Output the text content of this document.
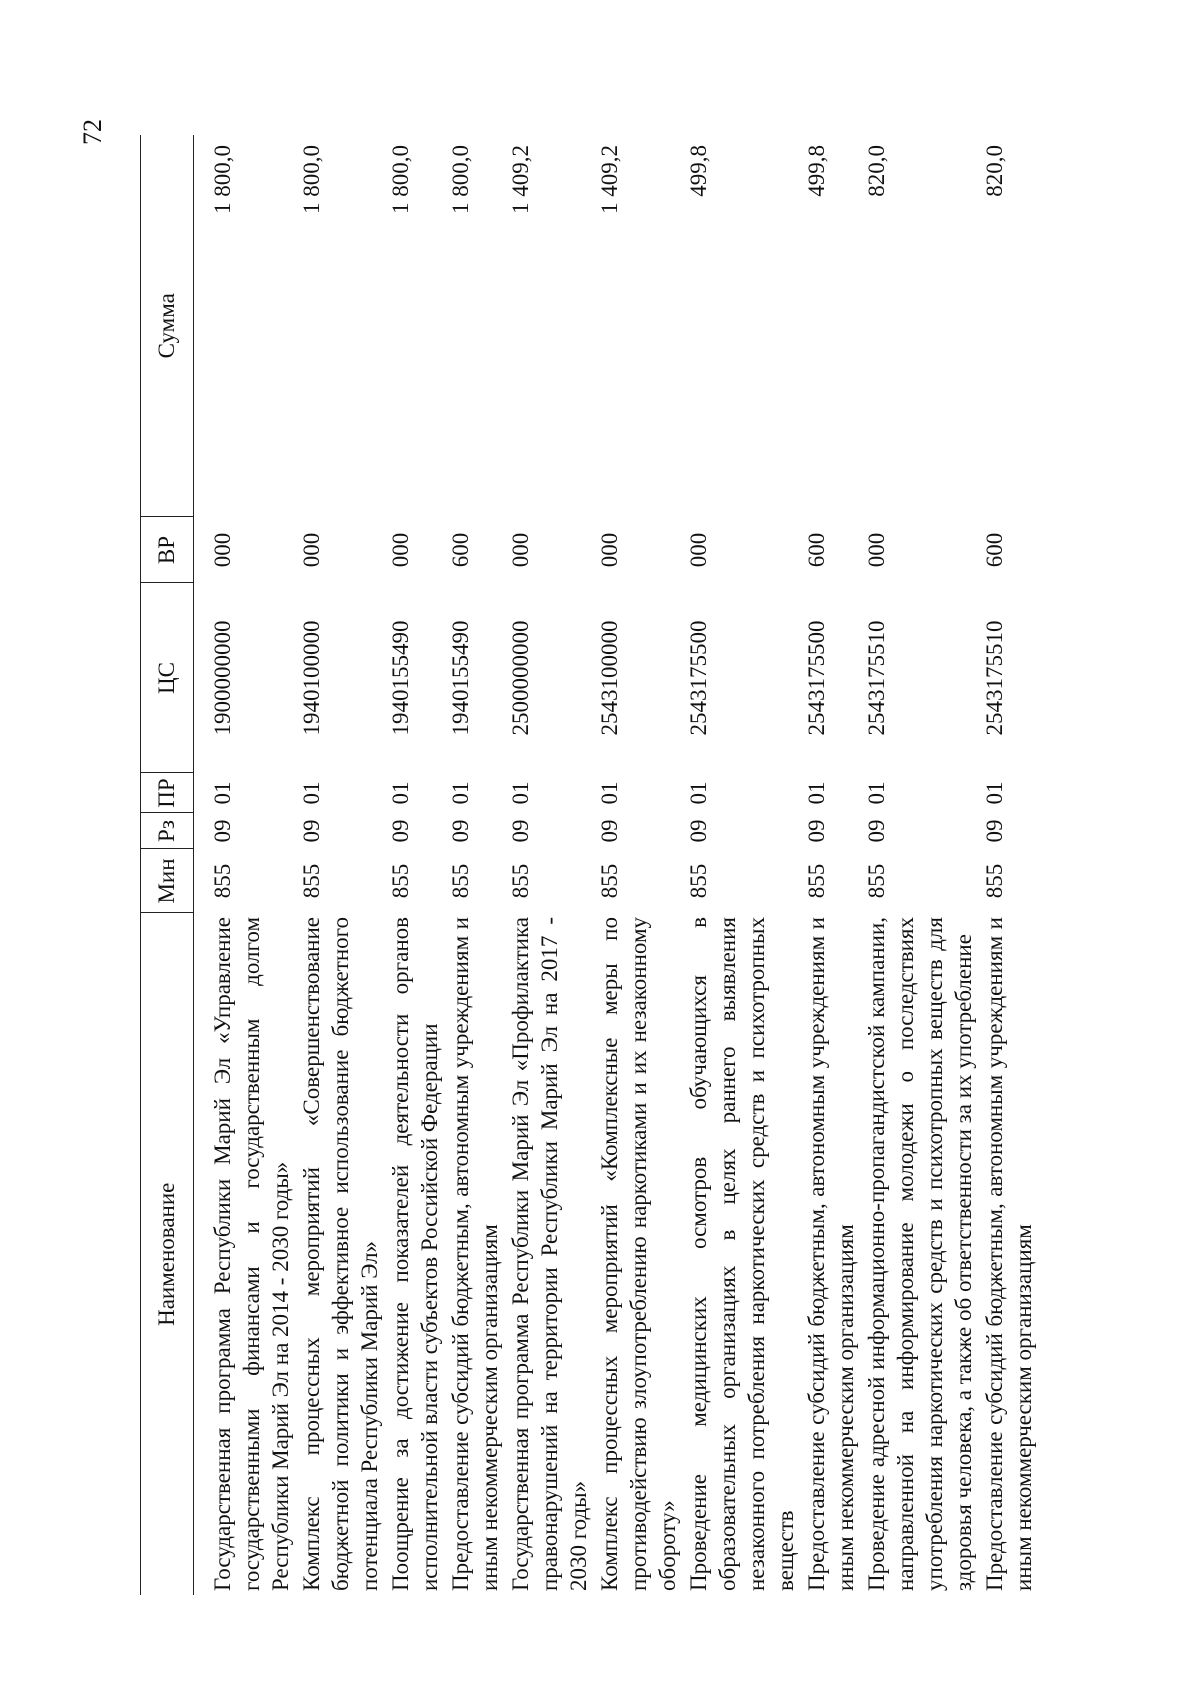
72
Наименование	Мин	Рз	ПР	ЦС	ВР	Сумма
Государственная программа Республики Марий Эл «Управление государственными финансами и государственным долгом Республики Марий Эл на 2014 - 2030 годы»	855	09	01	1900000000	000	1 800,0
Комплекс процессных мероприятий «Совершенствование бюджетной политики и эффективное использование бюджетного потенциала Республики Марий Эл»	855	09	01	1940100000	000	1 800,0
Поощрение за достижение показателей деятельности органов исполнительной власти субъектов Российской Федерации	855	09	01	1940155490	000	1 800,0
Предоставление субсидий бюджетным, автономным учреждениям и иным некоммерческим организациям	855	09	01	1940155490	600	1 800,0
Государственная программа Республики Марий Эл «Профилактика правонарушений на территории Республики Марий Эл на 2017 - 2030 годы»	855	09	01	2500000000	000	1 409,2
Комплекс процессных мероприятий «Комплексные меры по противодействию злоупотреблению наркотиками и их незаконному обороту»	855	09	01	2543100000	000	1 409,2
Проведение медицинских осмотров обучающихся в образовательных организациях в целях раннего выявления незаконного потребления наркотических средств и психотропных веществ	855	09	01	2543175500	000	499,8
Предоставление субсидий бюджетным, автономным учреждениям и иным некоммерческим организациям	855	09	01	2543175500	600	499,8
Проведение адресной информационно-пропагандистской кампании, направленной на информирование молодежи о последствиях употребления наркотических средств и психотропных веществ для здоровья человека, а также об ответственности за их употребление	855	09	01	2543175510	000	820,0
Предоставление субсидий бюджетным, автономным учреждениям и иным некоммерческим организациям	855	09	01	2543175510	600	820,0
